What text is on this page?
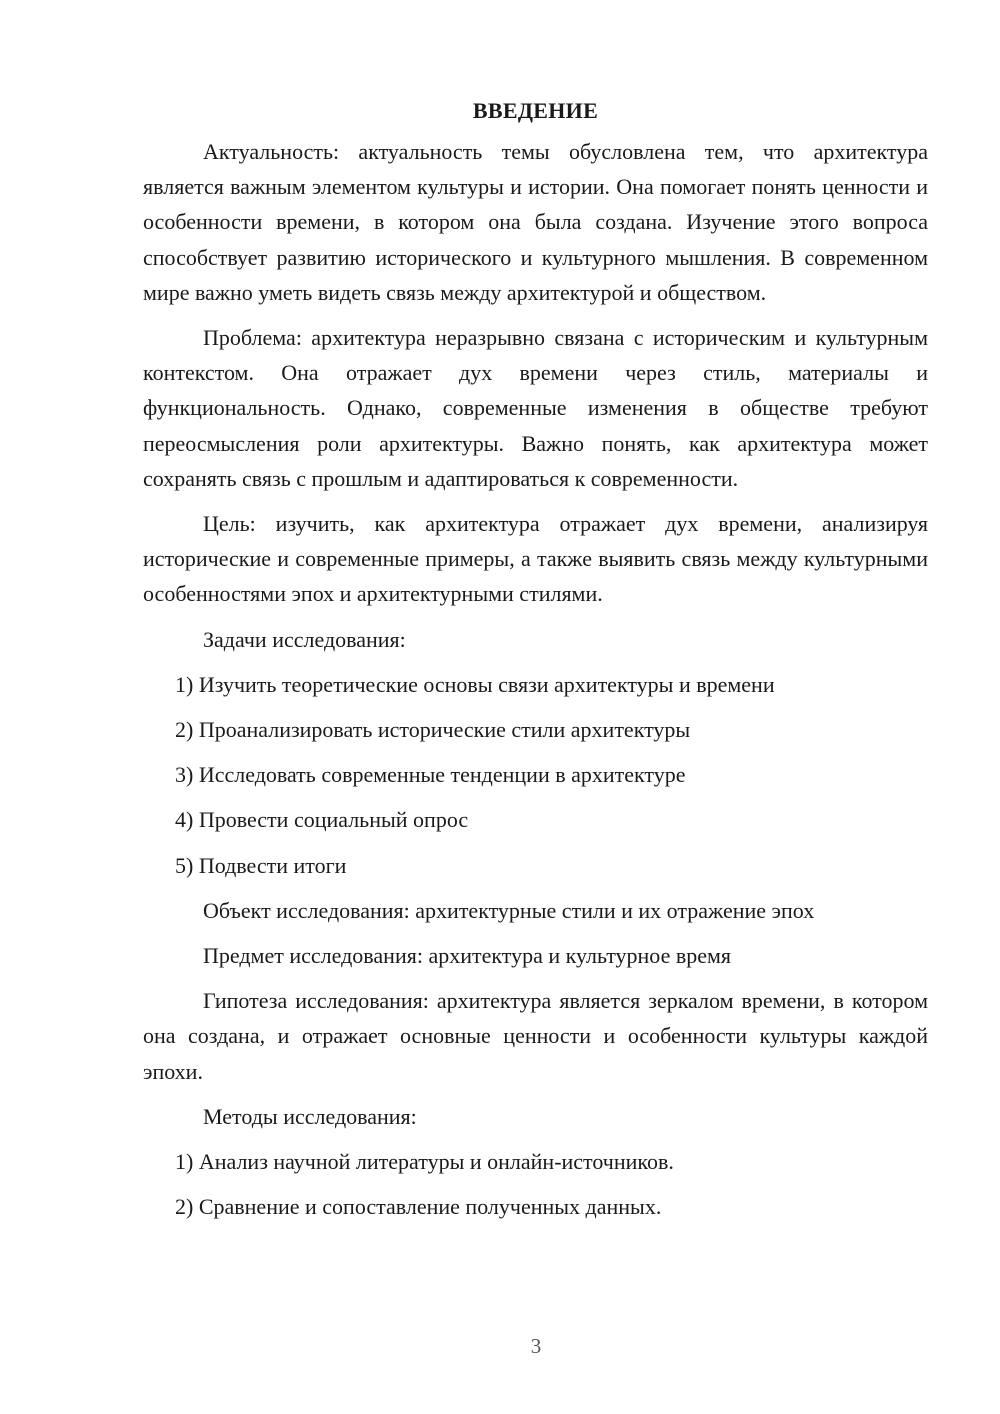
ВВЕДЕНИЕ

Актуальность: актуальность темы обусловлена тем, что архитектура является важным элементом культуры и истории. Она помогает понять ценности и особенности времени, в котором она была создана. Изучение этого вопроса способствует развитию исторического и культурного мышления. В современном мире важно уметь видеть связь между архитектурой и обществом.

Проблема: архитектура неразрывно связана с историческим и культурным контекстом. Она отражает дух времени через стиль, материалы и функциональность. Однако, современные изменения в обществе требуют переосмысления роли архитектуры. Важно понять, как архитектура может сохранять связь с прошлым и адаптироваться к современности.

Цель: изучить, как архитектура отражает дух времени, анализируя исторические и современные примеры, а также выявить связь между культурными особенностями эпох и архитектурными стилями.

Задачи исследования:
1) Изучить теоретические основы связи архитектуры и времени
2) Проанализировать исторические стили архитектуры
3) Исследовать современные тенденции в архитектуре
4) Провести социальный опрос
5) Подвести итоги
Объект исследования: архитектурные стили и их отражение эпох
Предмет исследования: архитектура и культурное время

Гипотеза исследования: архитектура является зеркалом времени, в котором она создана, и отражает основные ценности и особенности культуры каждой эпохи.

Методы исследования:
1) Анализ научной литературы и онлайн-источников.
2) Сравнение и сопоставление полученных данных.
3
